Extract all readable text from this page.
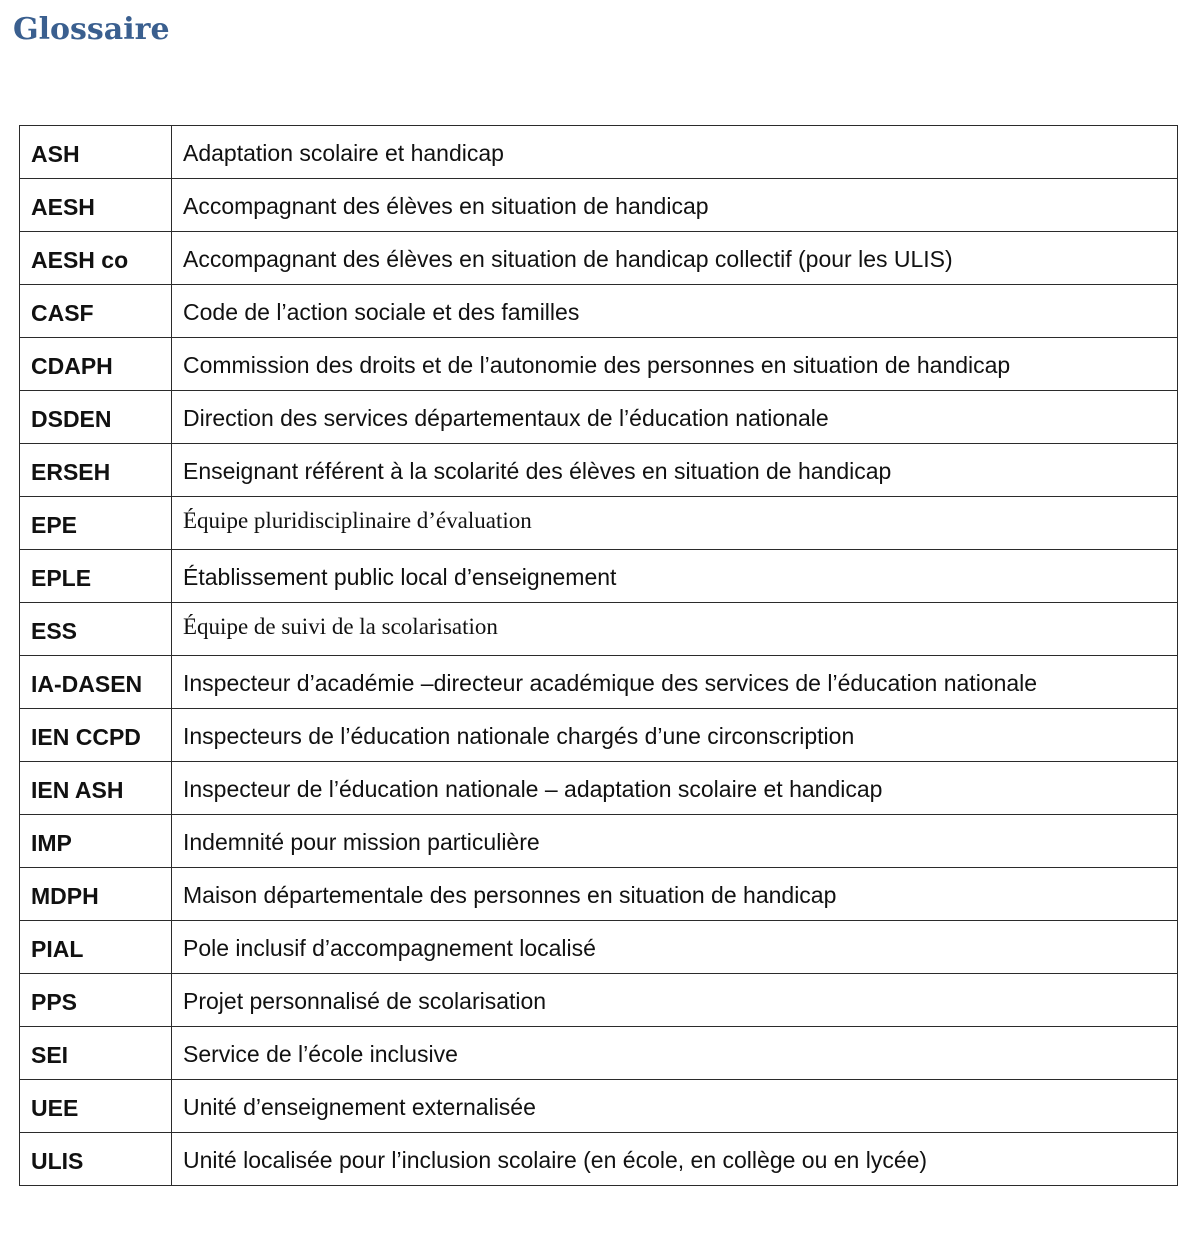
Glossaire
ASH	Adaptation scolaire et handicap
AESH	Accompagnant des élèves en situation de handicap
AESH co	Accompagnant des élèves en situation de handicap collectif (pour les ULIS)
CASF	Code de l’action sociale et des familles
CDAPH	Commission des droits et de l’autonomie des personnes en situation de handicap
DSDEN	Direction des services départementaux de l’éducation nationale
ERSEH	Enseignant référent à la scolarité des élèves en situation de handicap
EPE	Équipe pluridisciplinaire d’évaluation
EPLE	Établissement public local d’enseignement
ESS	Équipe de suivi de la scolarisation
IA-DASEN	Inspecteur d’académie –directeur académique des services de l’éducation nationale
IEN CCPD	Inspecteurs de l’éducation nationale chargés d’une circonscription
IEN ASH	Inspecteur de l’éducation nationale – adaptation scolaire et handicap
IMP	Indemnité pour mission particulière
MDPH	Maison départementale des personnes en situation de handicap
PIAL	Pole inclusif d’accompagnement localisé
PPS	Projet personnalisé de scolarisation
SEI	Service de l’école inclusive
UEE	Unité d’enseignement externalisée
ULIS	Unité localisée pour l’inclusion scolaire (en école, en collège ou en lycée)
